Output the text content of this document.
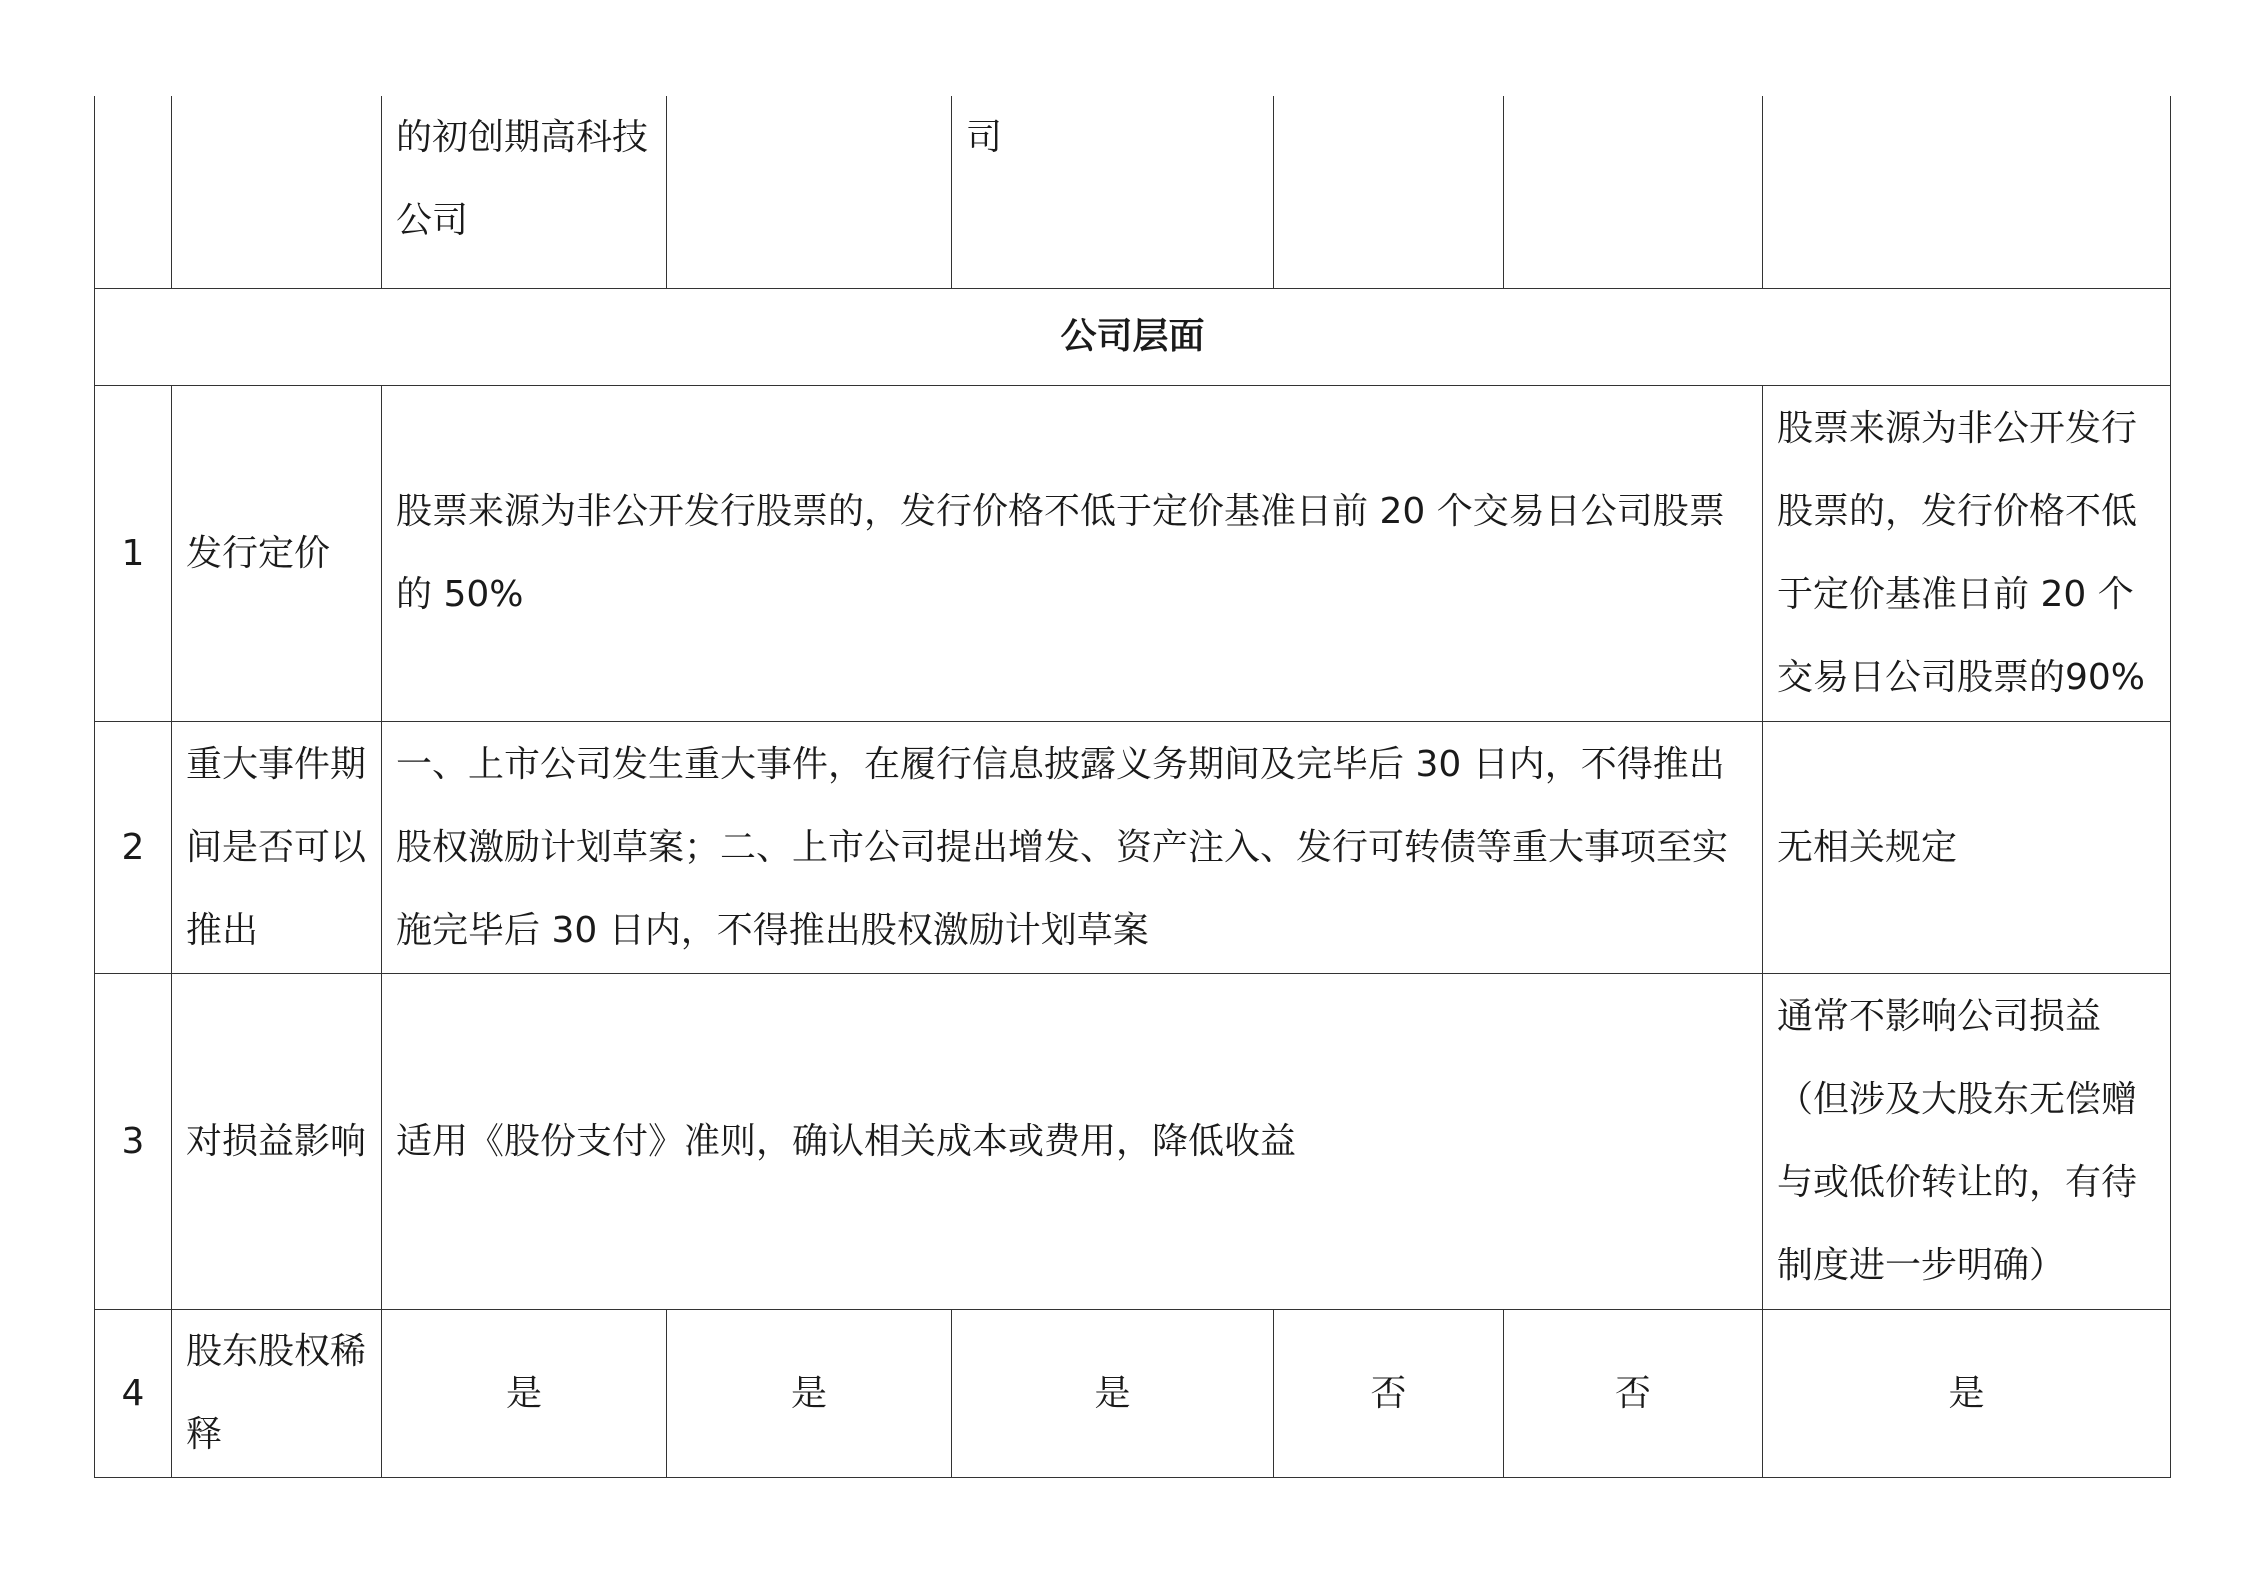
		的初创期高科技公司		司			
公司层面							
1	发行定价	股票来源为非公开发行股票的，发行价格不低于定价基准日前 20 个交易日公司股票的 50%					股票来源为非公开发行股票的，发行价格不低于定价基准日前 20 个交易日公司股票的90%
2	重大事件期间是否可以推出	一、上市公司发生重大事件，在履行信息披露义务期间及完毕后 30 日内，不得推出股权激励计划草案；二、上市公司提出增发、资产注入、发行可转债等重大事项至实施完毕后 30 日内，不得推出股权激励计划草案					无相关规定
3	对损益影响	适用《股份支付》准则，确认相关成本或费用，降低收益					通常不影响公司损益（但涉及大股东无偿赠与或低价转让的，有待制度进一步明确）
4	股东股权稀释	是	是	是	否	否	是
